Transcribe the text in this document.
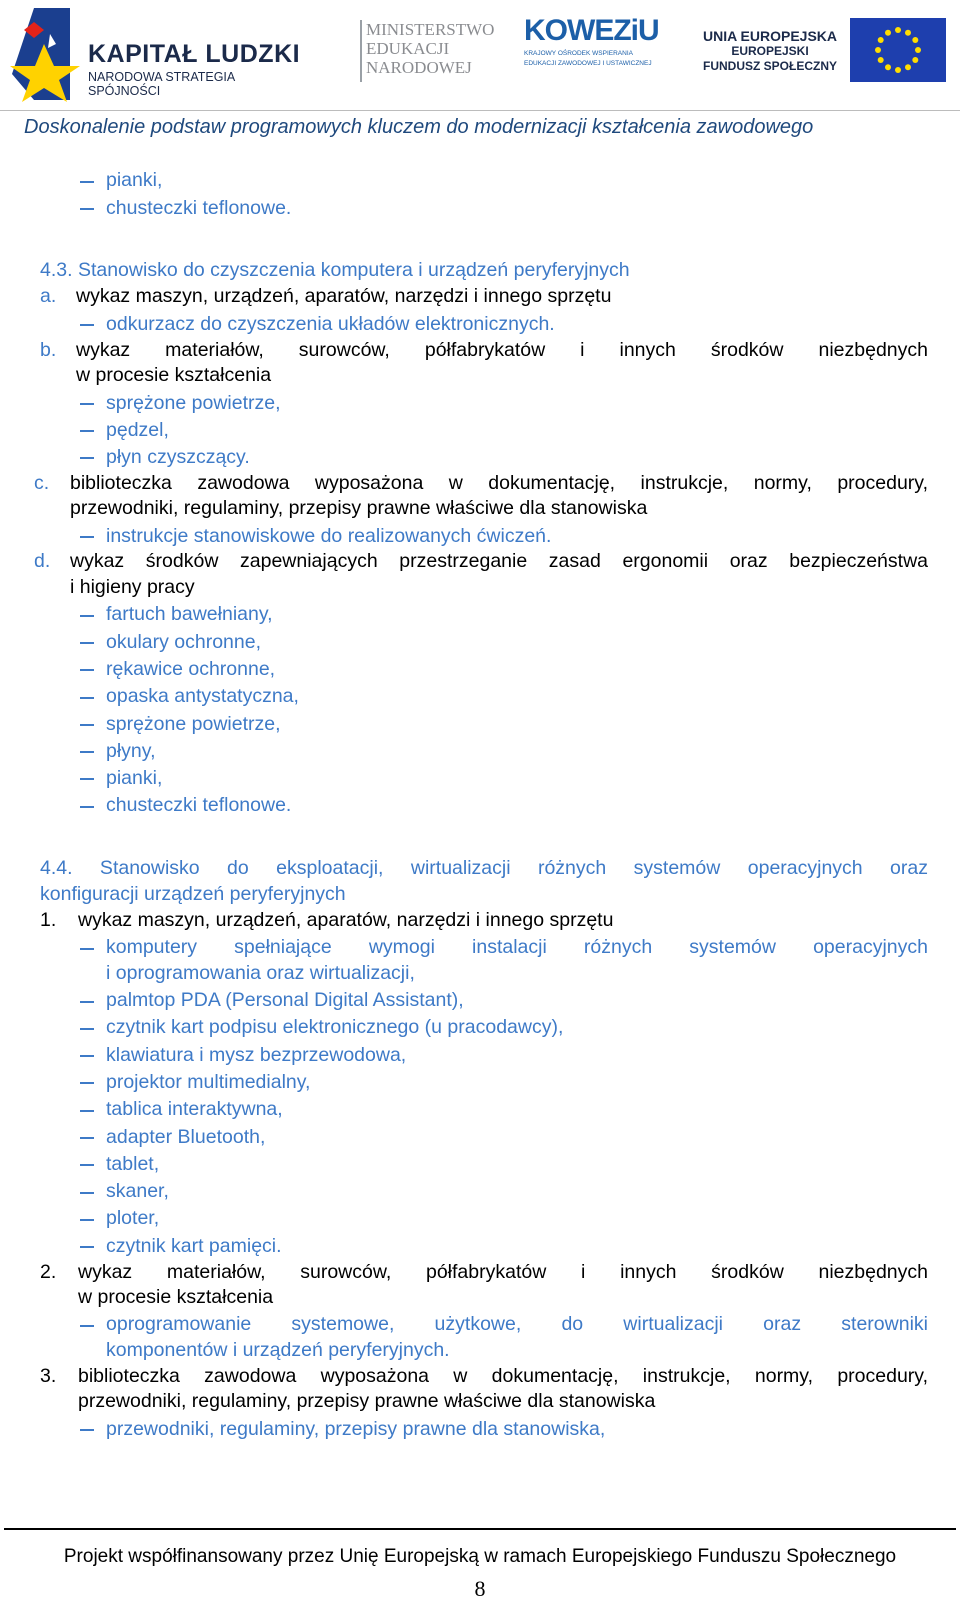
KAPITAŁ LUDZKI
NARODOWA STRATEGIA SPÓJNOŚCI
MINISTERSTWO
EDUKACJI
NARODOWEJ
KOWEZiU
KRAJOWY OŚRODEK WSPIERANIA
EDUKACJI ZAWODOWEJ I USTAWICZNEJ
UNIA EUROPEJSKA
EUROPEJSKI
FUNDUSZ SPOŁECZNY
Doskonalenie podstaw programowych kluczem do modernizacji kształcenia zawodowego
pianki,
chusteczki teflonowe.
4.3. Stanowisko do czyszczenia komputera i urządzeń peryferyjnych
a. wykaz maszyn, urządzeń, aparatów, narzędzi i innego sprzętu
odkurzacz do czyszczenia układów elektronicznych.
b. wykaz materiałów, surowców, półfabrykatów i innych środków niezbędnych
w procesie kształcenia
sprężone powietrze,
pędzel,
płyn czyszczący.
c. biblioteczka zawodowa wyposażona w dokumentację, instrukcje, normy, procedury,
przewodniki, regulaminy, przepisy prawne właściwe dla stanowiska
instrukcje stanowiskowe do realizowanych ćwiczeń.
d. wykaz środków zapewniających przestrzeganie zasad ergonomii oraz bezpieczeństwa
i higieny pracy
fartuch bawełniany,
okulary ochronne,
rękawice ochronne,
opaska antystatyczna,
sprężone powietrze,
płyny,
pianki,
chusteczki teflonowe.
4.4. Stanowisko do eksploatacji, wirtualizacji różnych systemów operacyjnych oraz
konfiguracji urządzeń peryferyjnych
1. wykaz maszyn, urządzeń, aparatów, narzędzi i innego sprzętu
komputery spełniające wymogi instalacji różnych systemów operacyjnych
i oprogramowania oraz wirtualizacji,
palmtop PDA (Personal Digital Assistant),
czytnik kart podpisu elektronicznego (u pracodawcy),
klawiatura i mysz bezprzewodowa,
projektor multimedialny,
tablica interaktywna,
adapter Bluetooth,
tablet,
skaner,
ploter,
czytnik kart pamięci.
2. wykaz materiałów, surowców, półfabrykatów i innych środków niezbędnych
w procesie kształcenia
oprogramowanie systemowe, użytkowe, do wirtualizacji oraz sterowniki
komponentów i urządzeń peryferyjnych.
3. biblioteczka zawodowa wyposażona w dokumentację, instrukcje, normy, procedury,
przewodniki, regulaminy, przepisy prawne właściwe dla stanowiska
przewodniki, regulaminy, przepisy prawne dla stanowiska,
Projekt współfinansowany przez Unię Europejską w ramach Europejskiego Funduszu Społecznego
8
